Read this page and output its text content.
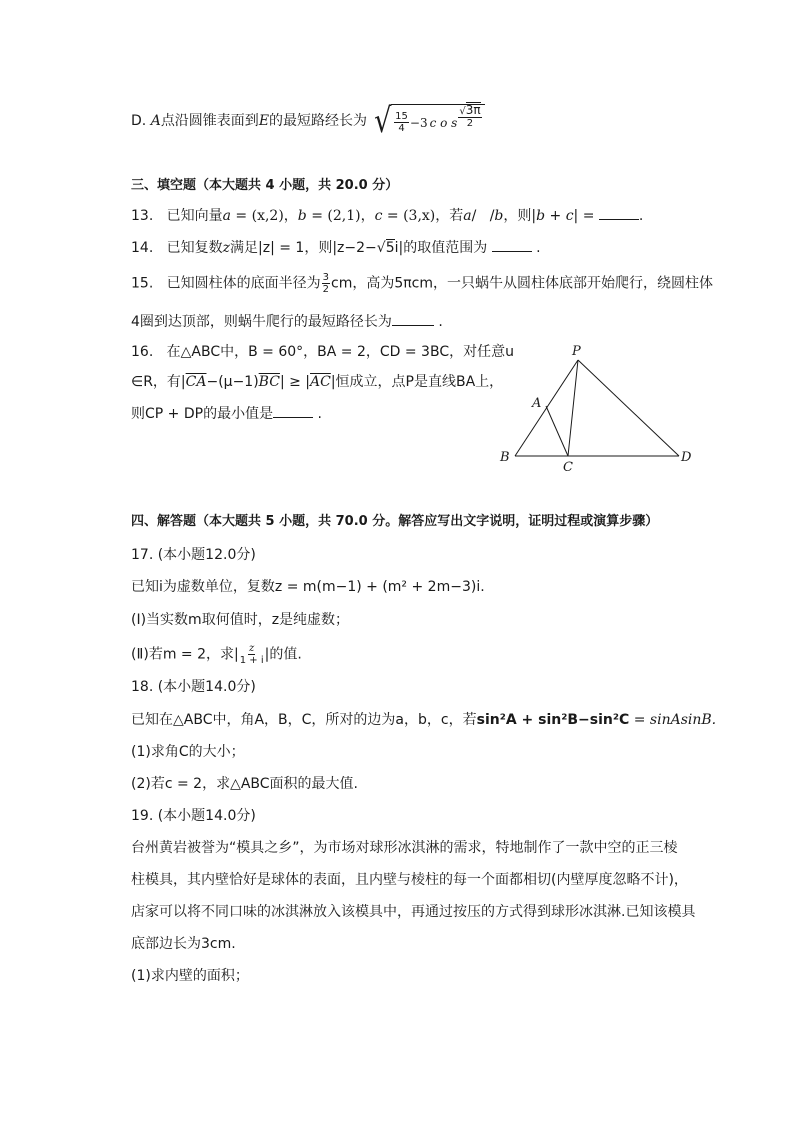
D. A点沿圆锥表面到E的最短路经长为 √ $\frac{15}{4} -3$ c o s $\frac{√3\pi}{2}$
三、填空题（本大题共 4 小题，共 20.0 分）
13. 已知向量a = (x,2)，b = (2,1)，c = (3,x)，若a/   /b，则|b + c| =	.
14. 已知复数z满足|z| = 1，则|z−2−√5i|的取值范围为	.
15. 已知圆柱体的底面半径为 $\frac{3}{2}$ cm，高为5πcm，一只蜗牛从圆柱体底部开始爬行，绕圆柱体
4圈到达顶部，则蜗牛爬行的最短路径长为	.
16. 在△ABC中，B = 60°，BA = 2，CD = 3BC，对任意u
∈R，有$|\overline{CA}-(\mu-1)\overline{BC}| \ge |\overline{AC}|$恒成立，点P是直线BA上，
则CP + DP的最小值是	.
P
A
B
C
D
四、解答题（本大题共 5 小题，共 70.0 分。解答应写出文字说明，证明过程或演算步骤）
17. (本小题12.0分)
已知i为虚数单位，复数z = m(m−1) + (m² + 2m−3)i.
(Ⅰ)当实数m取何值时，z是纯虚数；
(Ⅱ)若m = 2，求| $\frac{z}{1 + i}$ |的值.
18. (本小题14.0分)
已知在△ABC中，角A，B，C，所对的边为a，b，c，若sin²A + sin²B−sin²C = sinAsinB.
(1)求角C的大小；
(2)若c = 2，求△ABC面积的最大值.
19. (本小题14.0分)
台州黄岩被誉为“模具之乡”，为市场对球形冰淇淋的需求，特地制作了一款中空的正三棱
柱模具，其内壁恰好是球体的表面，且内壁与棱柱的每一个面都相切(内壁厚度忽略不计)，
店家可以将不同口味的冰淇淋放入该模具中，再通过按压的方式得到球形冰淇淋.已知该模具
底部边长为3cm.
(1)求内壁的面积；
